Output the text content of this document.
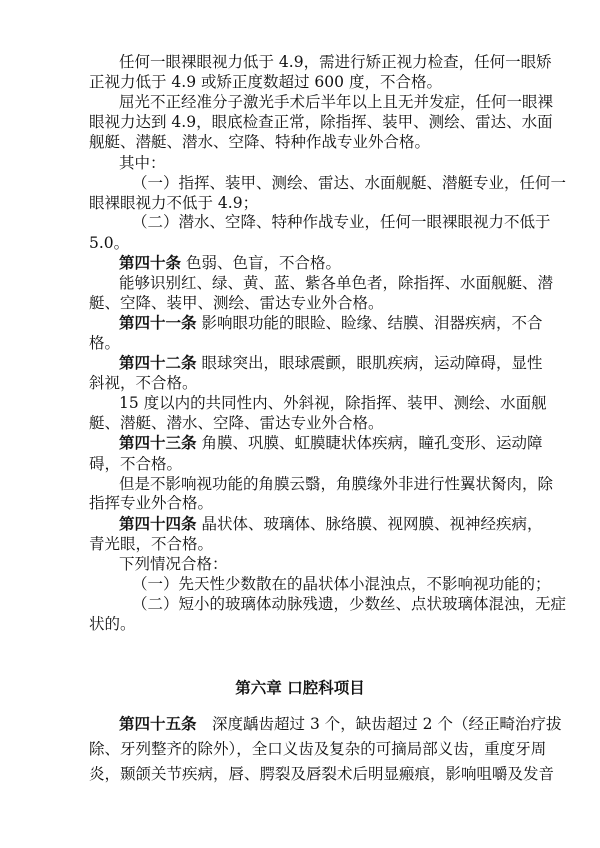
任何一眼裸眼视力低于 4.9，需进行矫正视力检查，任何一眼矫
正视力低于 4.9 或矫正度数超过 600 度，不合格。
屈光不正经准分子激光手术后半年以上且无并发症，任何一眼裸
眼视力达到 4.9，眼底检查正常，除指挥、装甲、测绘、雷达、水面
舰艇、潜艇、潜水、空降、特种作战专业外合格。
其中：
（一）指挥、装甲、测绘、雷达、水面舰艇、潜艇专业，任何一
眼裸眼视力不低于 4.9；
（二）潜水、空降、特种作战专业，任何一眼裸眼视力不低于
5.0。
第四十条 色弱、色盲，不合格。
能够识别红、绿、黄、蓝、紫各单色者，除指挥、水面舰艇、潜
艇、空降、装甲、测绘、雷达专业外合格。
第四十一条 影响眼功能的眼睑、睑缘、结膜、泪器疾病，不合
格。
第四十二条 眼球突出，眼球震颤，眼肌疾病，运动障碍，显性
斜视，不合格。
15 度以内的共同性内、外斜视，除指挥、装甲、测绘、水面舰
艇、潜艇、潜水、空降、雷达专业外合格。
第四十三条 角膜、巩膜、虹膜睫状体疾病，瞳孔变形、运动障
碍，不合格。
但是不影响视功能的角膜云翳，角膜缘外非进行性翼状胬肉，除
指挥专业外合格。
第四十四条 晶状体、玻璃体、脉络膜、视网膜、视神经疾病，
青光眼，不合格。
下列情况合格：
（一）先天性少数散在的晶状体小混浊点，不影响视功能的；
（二）短小的玻璃体动脉残遗，少数丝、点状玻璃体混浊，无症
状的。
第六章 口腔科项目
第四十五条　深度龋齿超过 3 个，缺齿超过 2 个（经正畸治疗拔
除、牙列整齐的除外），全口义齿及复杂的可摘局部义齿，重度牙周
炎，颞颌关节疾病，唇、腭裂及唇裂术后明显瘢痕，影响咀嚼及发音
